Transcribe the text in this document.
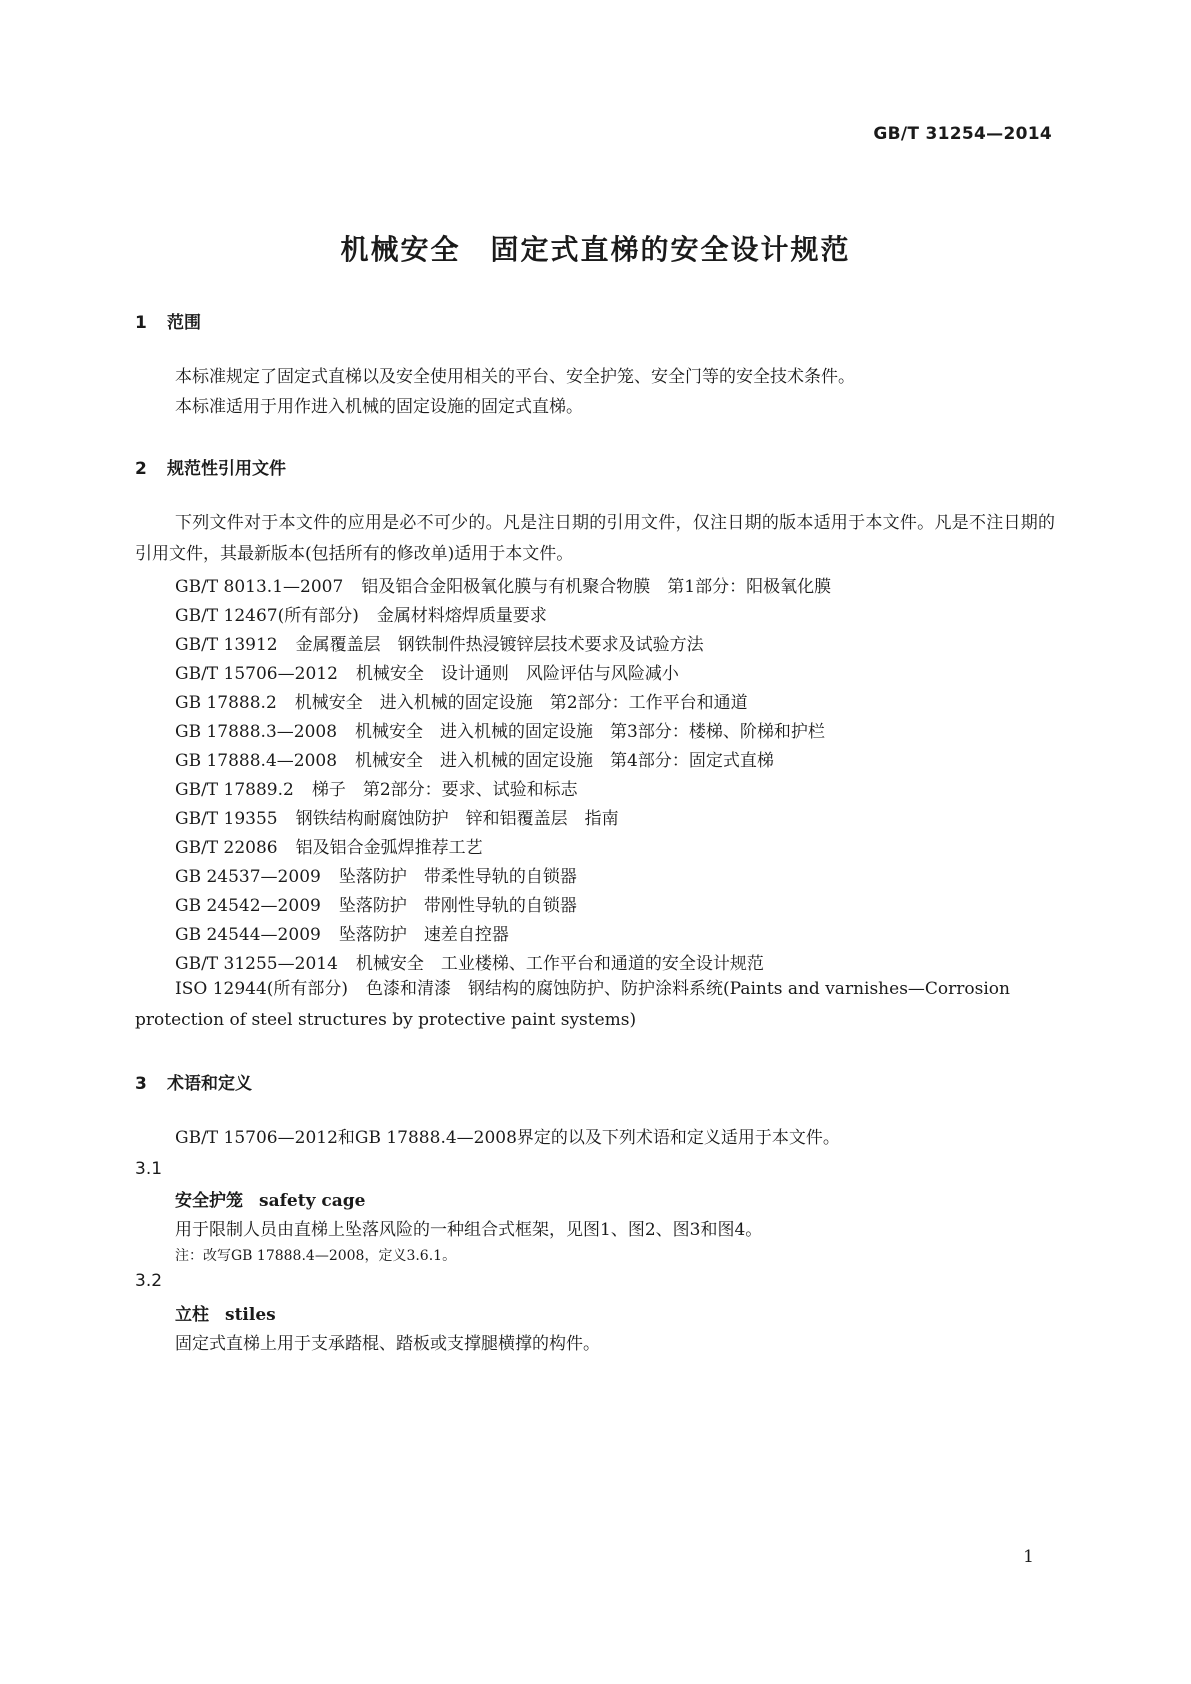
GB/T 31254—2014
机械安全　固定式直梯的安全设计规范
1 范围

本标准规定了固定式直梯以及安全使用相关的平台、安全护笼、安全门等的安全技术条件。

本标准适用于用作进入机械的固定设施的固定式直梯。

2 规范性引用文件

下列文件对于本文件的应用是必不可少的。凡是注日期的引用文件，仅注日期的版本适用于本文件。凡是不注日期的引用文件，其最新版本(包括所有的修改单)适用于本文件。

GB/T 8013.1—2007 铝及铝合金阳极氧化膜与有机聚合物膜　第1部分：阳极氧化膜
GB/T 12467(所有部分) 金属材料熔焊质量要求
GB/T 13912 金属覆盖层　钢铁制件热浸镀锌层技术要求及试验方法
GB/T 15706—2012 机械安全　设计通则　风险评估与风险减小
GB 17888.2 机械安全　进入机械的固定设施　第2部分：工作平台和通道
GB 17888.3—2008 机械安全　进入机械的固定设施　第3部分：楼梯、阶梯和护栏
GB 17888.4—2008 机械安全　进入机械的固定设施　第4部分：固定式直梯
GB/T 17889.2 梯子　第2部分：要求、试验和标志
GB/T 19355 钢铁结构耐腐蚀防护　锌和铝覆盖层　指南
GB/T 22086 铝及铝合金弧焊推荐工艺
GB 24537—2009 坠落防护　带柔性导轨的自锁器
GB 24542—2009 坠落防护　带刚性导轨的自锁器
GB 24544—2009 坠落防护　速差自控器
GB/T 31255—2014 机械安全　工业楼梯、工作平台和通道的安全设计规范
ISO 12944(所有部分) 色漆和清漆　钢结构的腐蚀防护、防护涂料系统(Paints and varnishes—Corrosion protection of steel structures by protective paint systems)
3 术语和定义

GB/T 15706—2012和GB 17888.4—2008界定的以及下列术语和定义适用于本文件。

3.1
安全护笼 safety cage
用于限制人员由直梯上坠落风险的一种组合式框架，见图1、图2、图3和图4。
注：改写GB 17888.4—2008，定义3.6.1。
3.2
立柱 stiles
固定式直梯上用于支承踏棍、踏板或支撑腿横撑的构件。
1
